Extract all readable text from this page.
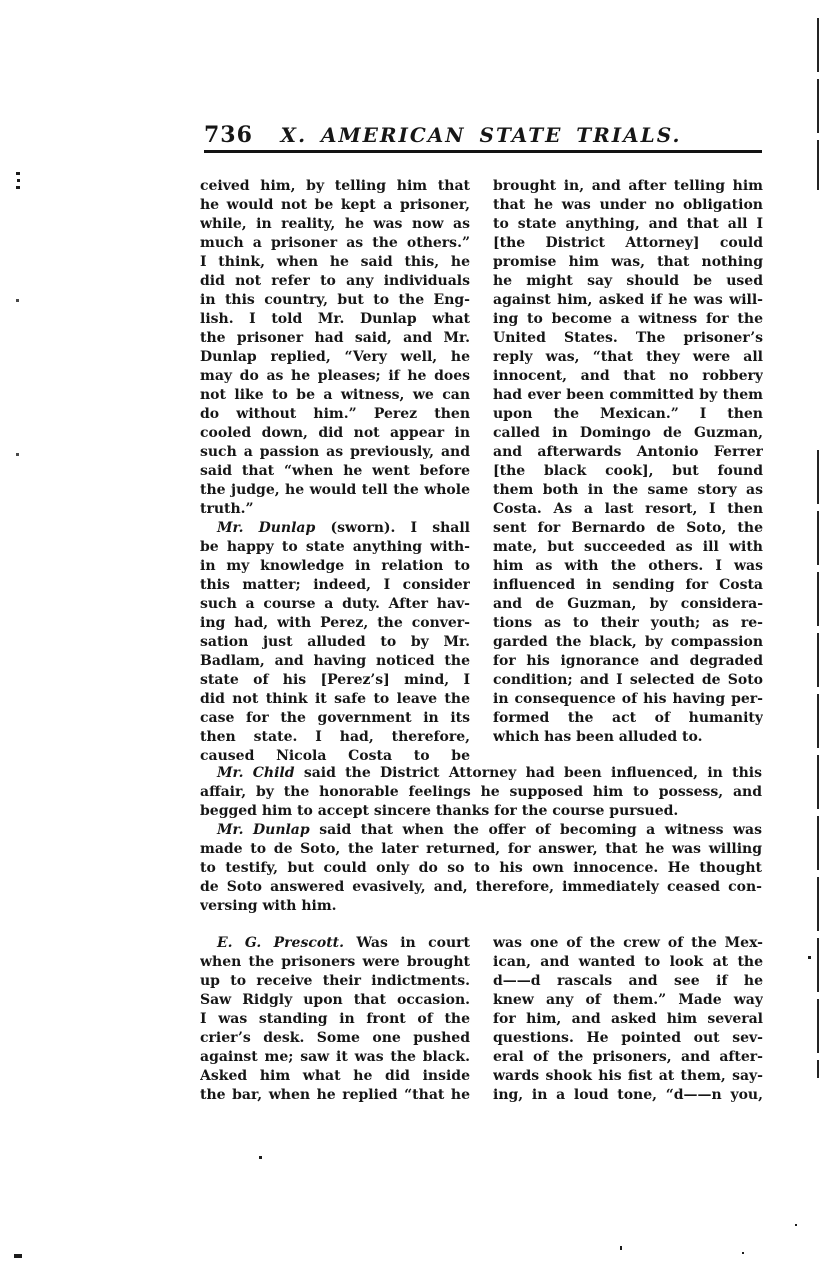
736	X. AMERICAN STATE TRIALS.
ceived him, by telling him that
he would not be kept a prisoner,
while, in reality, he was now as
much a prisoner as the others.”
I think, when he said this, he
did not refer to any individuals
in this country, but to the Eng-
lish. I told Mr. Dunlap what
the prisoner had said, and Mr.
Dunlap replied, “Very well, he
may do as he pleases; if he does
not like to be a witness, we can
do without him.” Perez then
cooled down, did not appear in
such a passion as previously, and
said that “when he went before
the judge, he would tell the whole
truth.”
Mr. Dunlap (sworn). I shall
be happy to state anything with-
in my knowledge in relation to
this matter; indeed, I consider
such a course a duty. After hav-
ing had, with Perez, the conver-
sation just alluded to by Mr.
Badlam, and having noticed the
state of his [Perez’s] mind, I
did not think it safe to leave the
case for the government in its
then state. I had, therefore,
caused Nicola Costa to be
brought in, and after telling him
that he was under no obligation
to state anything, and that all I
[the District Attorney] could
promise him was, that nothing
he might say should be used
against him, asked if he was will-
ing to become a witness for the
United States. The prisoner’s
reply was, “that they were all
innocent, and that no robbery
had ever been committed by them
upon the Mexican.” I then
called in Domingo de Guzman,
and afterwards Antonio Ferrer
[the black cook], but found
them both in the same story as
Costa. As a last resort, I then
sent for Bernardo de Soto, the
mate, but succeeded as ill with
him as with the others. I was
influenced in sending for Costa
and de Guzman, by considera-
tions as to their youth; as re-
garded the black, by compassion
for his ignorance and degraded
condition; and I selected de Soto
in consequence of his having per-
formed the act of humanity
which has been alluded to.
Mr. Child said the District Attorney had been influenced, in this
affair, by the honorable feelings he supposed him to possess, and
begged him to accept sincere thanks for the course pursued.
Mr. Dunlap said that when the offer of becoming a witness was
made to de Soto, the later returned, for answer, that he was willing
to testify, but could only do so to his own innocence. He thought
de Soto answered evasively, and, therefore, immediately ceased con-
versing with him.
E. G. Prescott. Was in court
when the prisoners were brought
up to receive their indictments.
Saw Ridgly upon that occasion.
I was standing in front of the
crier’s desk. Some one pushed
against me; saw it was the black.
Asked him what he did inside
the bar, when he replied “that he
was one of the crew of the Mex-
ican, and wanted to look at the
d——d rascals and see if he
knew any of them.” Made way
for him, and asked him several
questions. He pointed out sev-
eral of the prisoners, and after-
wards shook his fist at them, say-
ing, in a loud tone, “d——n you,
